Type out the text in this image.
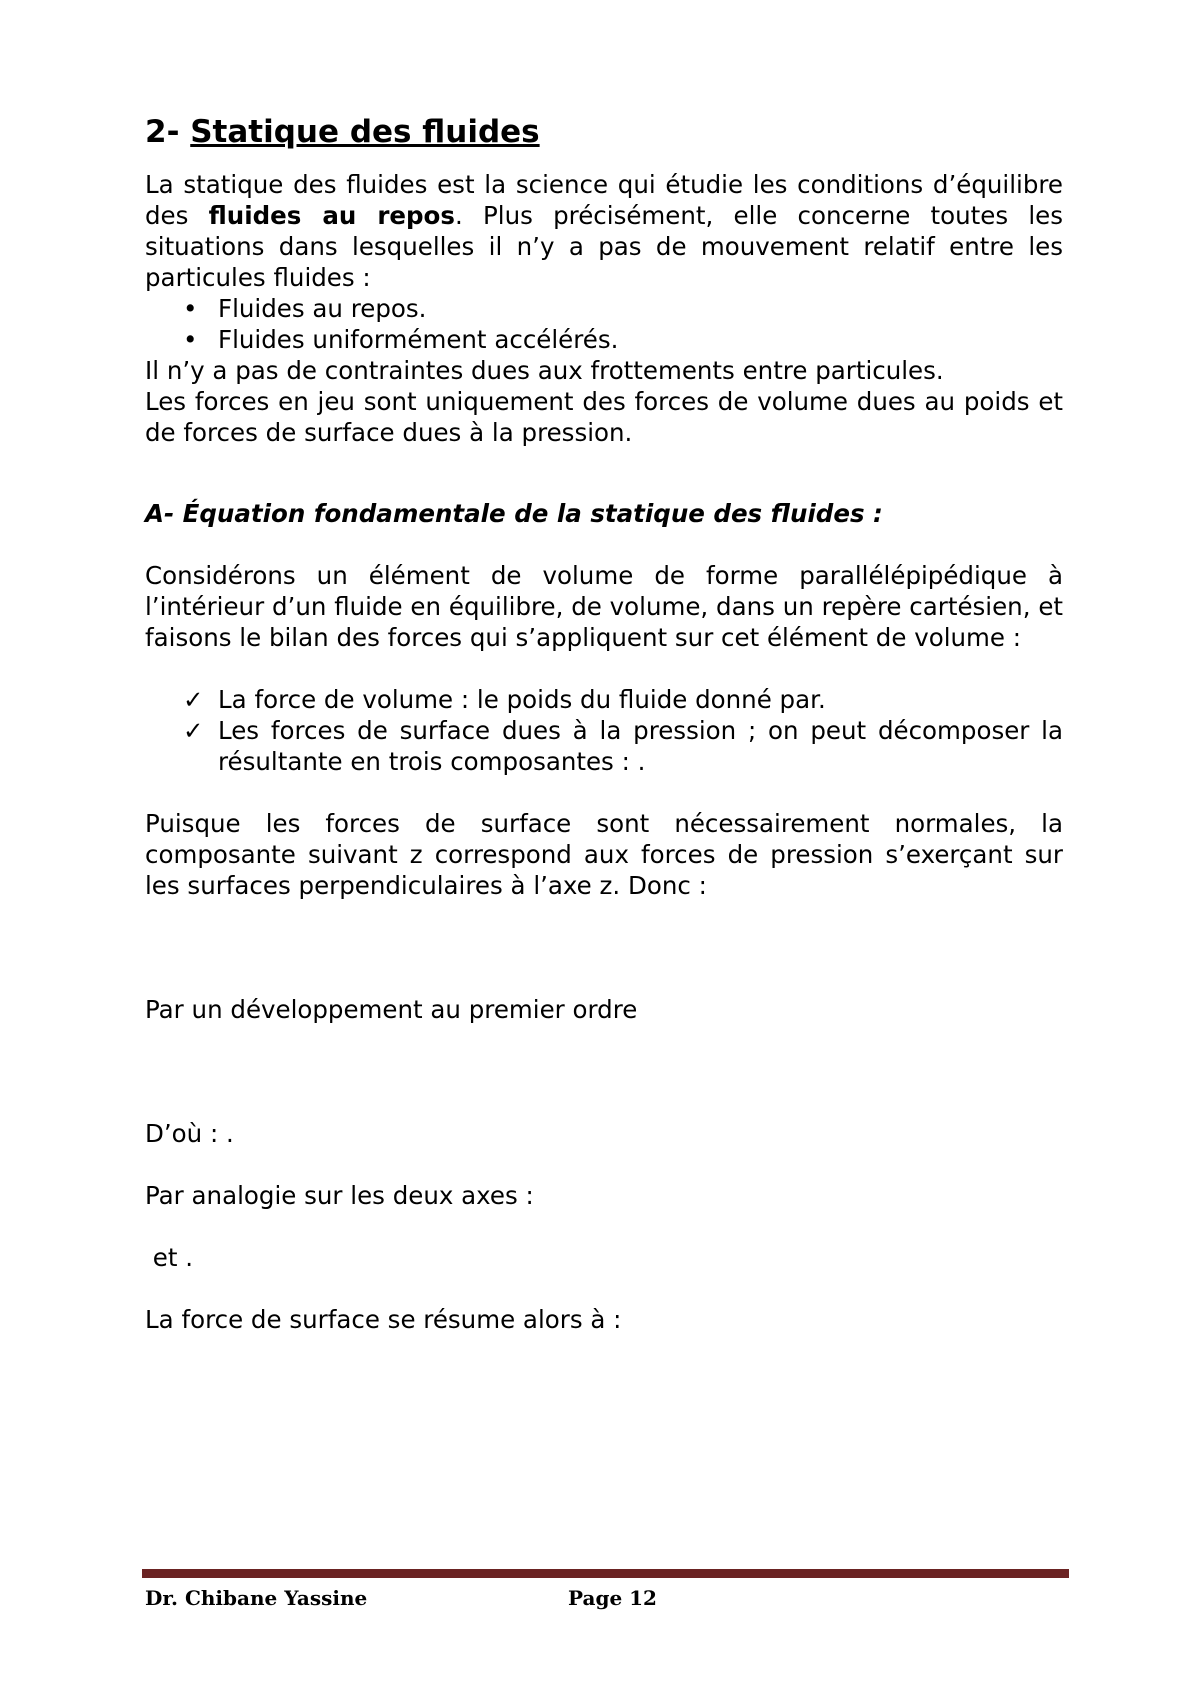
2- Statique des fluides

La statique des fluides est la science qui étudie les conditions d’équilibre des fluides au repos. Plus précisément, elle concerne toutes les situations dans lesquelles il n’y a pas de mouvement relatif entre les particules fluides :

• Fluides au repos.
• Fluides uniformément accélérés.

Il n’y a pas de contraintes dues aux frottements entre particules.

Les forces en jeu sont uniquement des forces de volume dues au poids et de forces de surface dues à la pression.

A- Équation fondamentale de la statique des fluides :

Considérons un élément de volume de forme parallélépipédique à l’intérieur d’un fluide en équilibre, de volume, dans un repère cartésien, et faisons le bilan des forces qui s’appliquent sur cet élément de volume :

✓ La force de volume : le poids du fluide donné par.
✓ Les forces de surface dues à la pression ; on peut décomposer la résultante en trois composantes : .

Puisque les forces de surface sont nécessairement normales, la composante suivant z correspond aux forces de pression s’exerçant sur les surfaces perpendiculaires à l’axe z. Donc :

Par un développement au premier ordre

D’où : .

Par analogie sur les deux axes :

et .

La force de surface se résume alors à :

Dr. Chibane Yassine	Page 12
